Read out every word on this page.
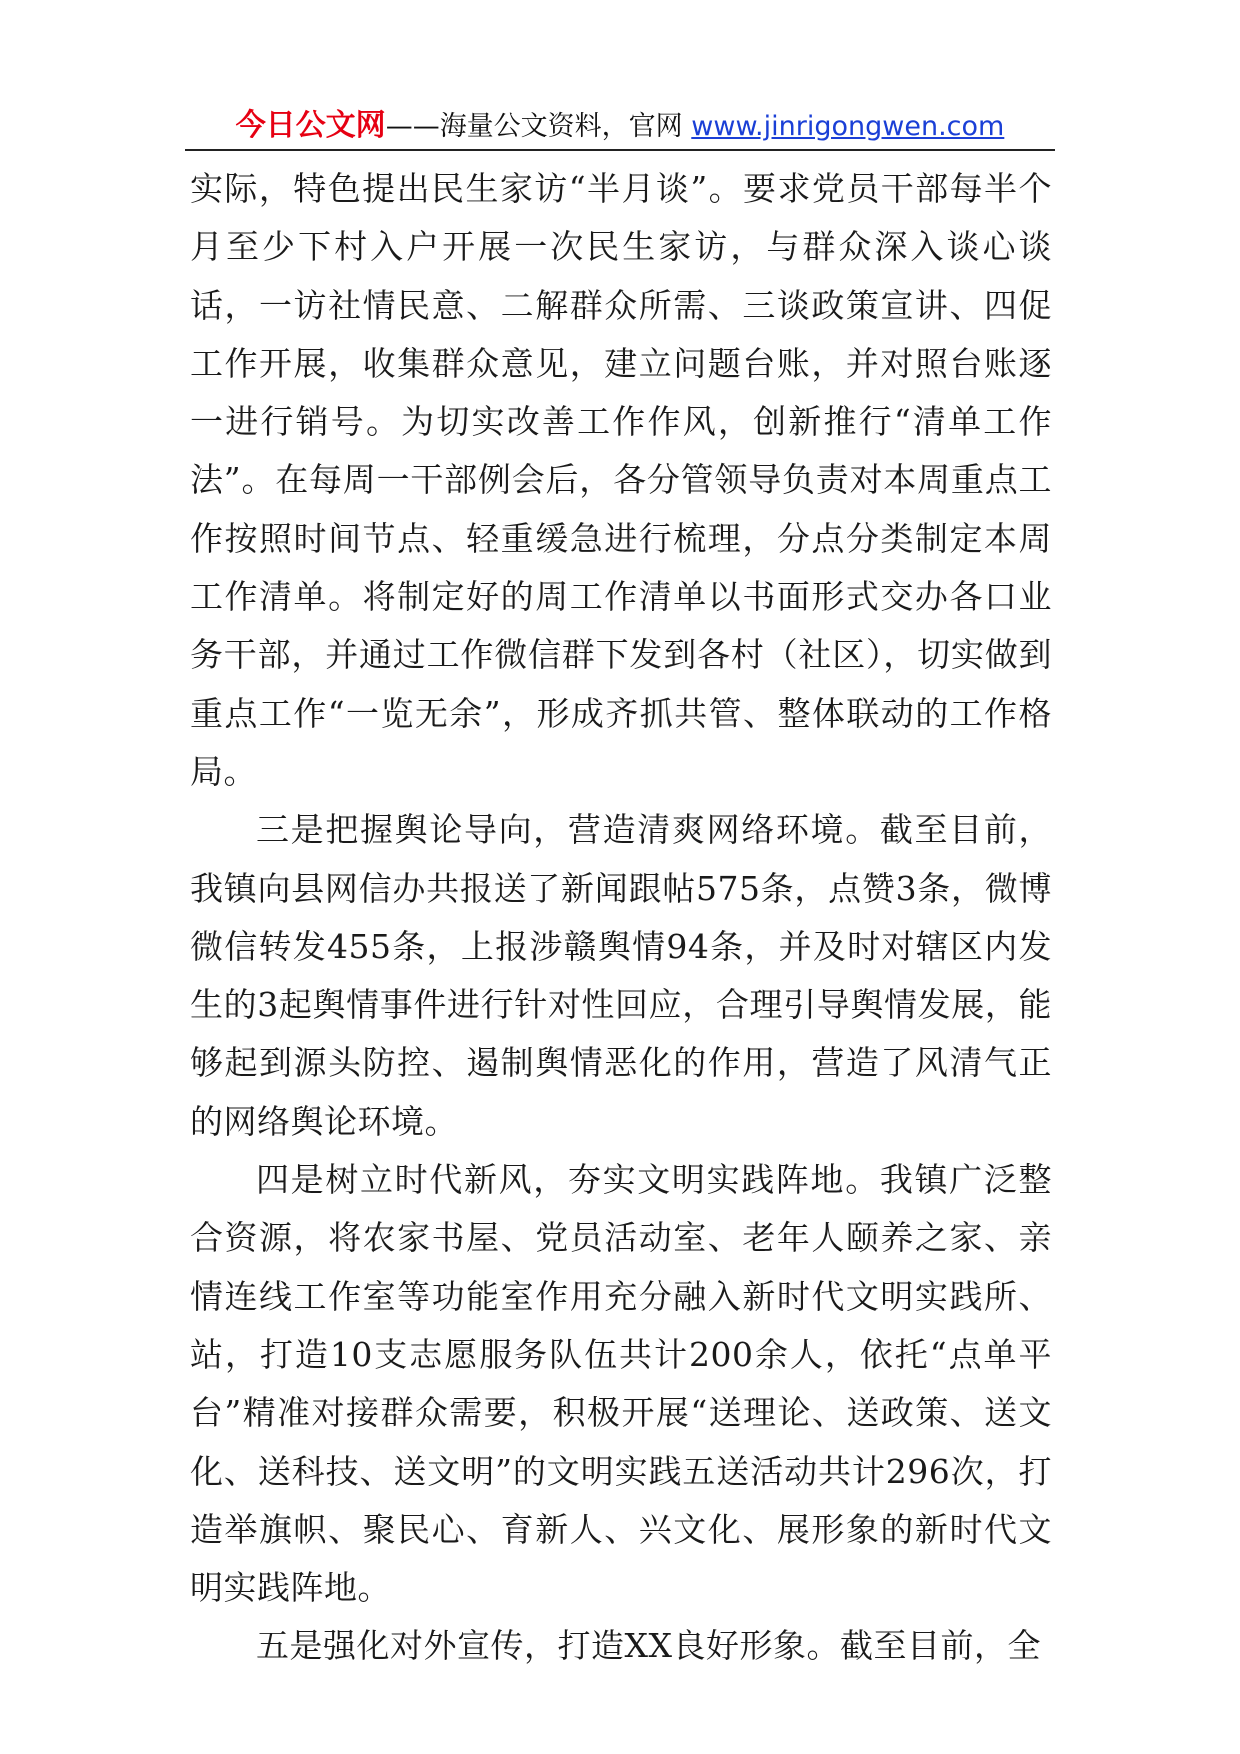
今日公文网——海量公文资料，官网 www.jinrigongwen.com

实际，特色提出民生家访“半月谈”。要求党员干部每半个月至少下村入户开展一次民生家访，与群众深入谈心谈话，一访社情民意、二解群众所需、三谈政策宣讲、四促工作开展，收集群众意见，建立问题台账，并对照台账逐一进行销号。为切实改善工作作风，创新推行“清单工作法”。在每周一干部例会后，各分管领导负责对本周重点工作按照时间节点、轻重缓急进行梳理，分点分类制定本周工作清单。将制定好的周工作清单以书面形式交办各口业务干部，并通过工作微信群下发到各村（社区），切实做到重点工作“一览无余”，形成齐抓共管、整体联动的工作格局。

三是把握舆论导向，营造清爽网络环境。截至目前，我镇向县网信办共报送了新闻跟帖575条，点赞3条，微博微信转发455条，上报涉赣舆情94条，并及时对辖区内发生的3起舆情事件进行针对性回应，合理引导舆情发展，能够起到源头防控、遏制舆情恶化的作用，营造了风清气正的网络舆论环境。

四是树立时代新风，夯实文明实践阵地。我镇广泛整合资源，将农家书屋、党员活动室、老年人颐养之家、亲情连线工作室等功能室作用充分融入新时代文明实践所、站，打造10支志愿服务队伍共计200余人，依托“点单平台”精准对接群众需要，积极开展“送理论、送政策、送文化、送科技、送文明”的文明实践五送活动共计296次，打造举旗帜、聚民心、育新人、兴文化、展形象的新时代文明实践阵地。

五是强化对外宣传，打造XX良好形象。截至目前，全
